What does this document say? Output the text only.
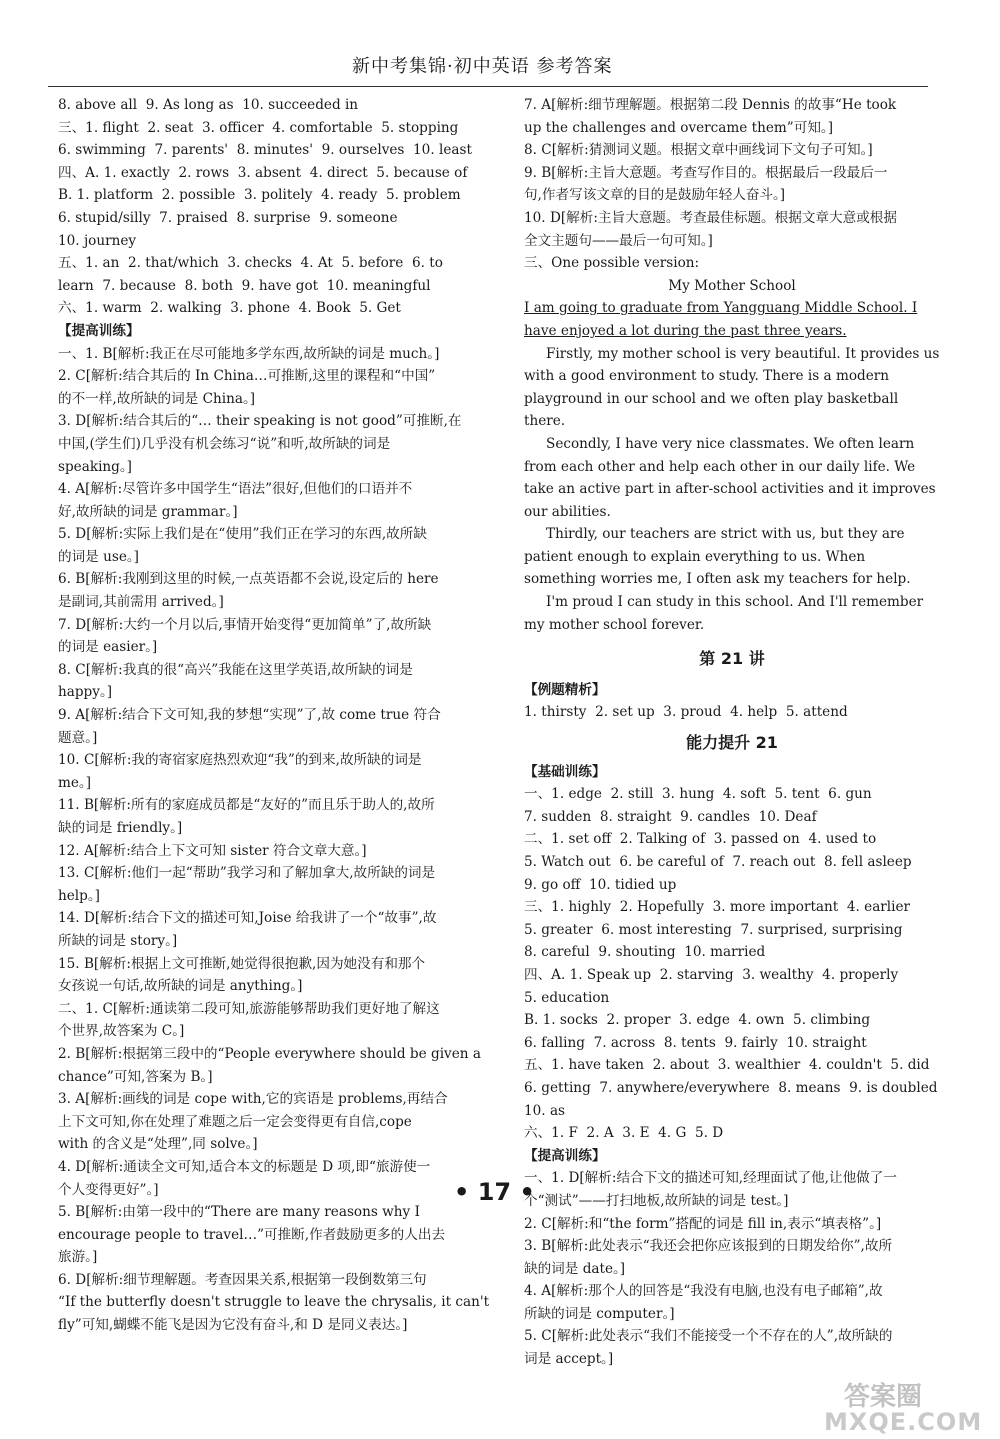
新中考集锦·初中英语 参考答案
8. above all  9. As long as  10. succeeded in
三、1. flight  2. seat  3. officer  4. comfortable  5. stopping
6. swimming  7. parents'  8. minutes'  9. ourselves  10. least
四、A. 1. exactly  2. rows  3. absent  4. direct  5. because of
B. 1. platform  2. possible  3. politely  4. ready  5. problem
6. stupid/silly  7. praised  8. surprise  9. someone
10. journey
五、1. an  2. that/which  3. checks  4. At  5. before  6. to
learn  7. because  8. both  9. have got  10. meaningful
六、1. warm  2. walking  3. phone  4. Book  5. Get
【提高训练】
一、1. B[解析:我正在尽可能地多学东西,故所缺的词是 much。]
2. C[解析:结合其后的 In China…可推断,这里的课程和“中国”
的不一样,故所缺的词是 China。]
3. D[解析:结合其后的“… their speaking is not good”可推断,在
中国,(学生们)几乎没有机会练习“说”和听,故所缺的词是
speaking。]
4. A[解析:尽管许多中国学生“语法”很好,但他们的口语并不
好,故所缺的词是 grammar。]
5. D[解析:实际上我们是在“使用”我们正在学习的东西,故所缺
的词是 use。]
6. B[解析:我刚到这里的时候,一点英语都不会说,设定后的 here
是副词,其前需用 arrived。]
7. D[解析:大约一个月以后,事情开始变得“更加简单”了,故所缺
的词是 easier。]
8. C[解析:我真的很“高兴”我能在这里学英语,故所缺的词是
happy。]
9. A[解析:结合下文可知,我的梦想“实现”了,故 come true 符合
题意。]
10. C[解析:我的寄宿家庭热烈欢迎“我”的到来,故所缺的词是
me。]
11. B[解析:所有的家庭成员都是“友好的”而且乐于助人的,故所
缺的词是 friendly。]
12. A[解析:结合上下文可知 sister 符合文章大意。]
13. C[解析:他们一起“帮助”我学习和了解加拿大,故所缺的词是
help。]
14. D[解析:结合下文的描述可知,Joise 给我讲了一个“故事”,故
所缺的词是 story。]
15. B[解析:根据上文可推断,她觉得很抱歉,因为她没有和那个
女孩说一句话,故所缺的词是 anything。]
二、1. C[解析:通读第二段可知,旅游能够帮助我们更好地了解这
个世界,故答案为 C。]
2. B[解析:根据第三段中的“People everywhere should be given a
chance”可知,答案为 B。]
3. A[解析:画线的词是 cope with,它的宾语是 problems,再结合
上下文可知,你在处理了难题之后一定会变得更有自信,cope
with 的含义是“处理”,同 solve。]
4. D[解析:通读全文可知,适合本文的标题是 D 项,即“旅游使一
个人变得更好”。]
5. B[解析:由第一段中的“There are many reasons why I
encourage people to travel…”可推断,作者鼓励更多的人出去
旅游。]
6. D[解析:细节理解题。考查因果关系,根据第一段倒数第三句
“If the butterfly doesn't struggle to leave the chrysalis, it can't
fly”可知,蝴蝶不能飞是因为它没有奋斗,和 D 是同义表达。]
7. A[解析:细节理解题。根据第二段 Dennis 的故事“He took
up the challenges and overcame them”可知。]
8. C[解析:猜测词义题。根据文章中画线词下文句子可知。]
9. B[解析:主旨大意题。考查写作目的。根据最后一段最后一
句,作者写该文章的目的是鼓励年轻人奋斗。]
10. D[解析:主旨大意题。考查最佳标题。根据文章大意或根据
全文主题句——最后一句可知。]
三、One possible version:
My Mother School
I am going to graduate from Yangguang Middle School. I have enjoyed a lot during the past three years.
Firstly, my mother school is very beautiful. It provides us with a good environment to study. There is a modern playground in our school and we often play basketball there.
Secondly, I have very nice classmates. We often learn from each other and help each other in our daily life. We take an active part in after-school activities and it improves our abilities.
Thirdly, our teachers are strict with us, but they are patient enough to explain everything to us. When something worries me, I often ask my teachers for help.
I'm proud I can study in this school. And I'll remember my mother school forever.
第 21 讲
【例题精析】
1. thirsty  2. set up  3. proud  4. help  5. attend
能力提升 21
【基础训练】
一、1. edge  2. still  3. hung  4. soft  5. tent  6. gun
7. sudden  8. straight  9. candles  10. Deaf
二、1. set off  2. Talking of  3. passed on  4. used to
5. Watch out  6. be careful of  7. reach out  8. fell asleep
9. go off  10. tidied up
三、1. highly  2. Hopefully  3. more important  4. earlier
5. greater  6. most interesting  7. surprised, surprising
8. careful  9. shouting  10. married
四、A. 1. Speak up  2. starving  3. wealthy  4. properly
5. education
B. 1. socks  2. proper  3. edge  4. own  5. climbing
6. falling  7. across  8. tents  9. fairly  10. straight
五、1. have taken  2. about  3. wealthier  4. couldn't  5. did
6. getting  7. anywhere/everywhere  8. means  9. is doubled
10. as
六、1. F  2. A  3. E  4. G  5. D
【提高训练】
一、1. D[解析:结合下文的描述可知,经理面试了他,让他做了一
个“测试”——打扫地板,故所缺的词是 test。]
2. C[解析:和“the form”搭配的词是 fill in,表示“填表格”。]
3. B[解析:此处表示“我还会把你应该报到的日期发给你”,故所
缺的词是 date。]
4. A[解析:那个人的回答是“我没有电脑,也没有电子邮箱”,故
所缺的词是 computer。]
5. C[解析:此处表示“我们不能接受一个不存在的人”,故所缺的
词是 accept。]
• 17 •
答案圈
MXQE.COM
